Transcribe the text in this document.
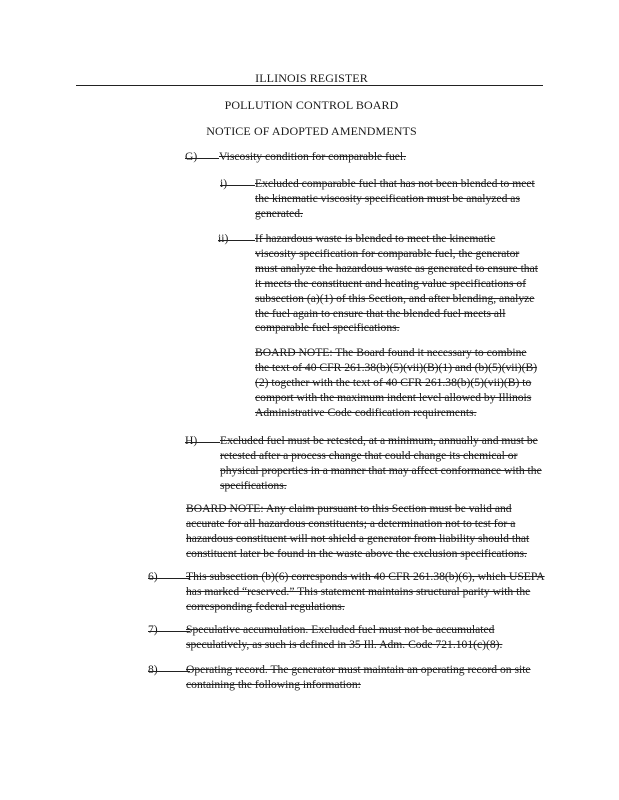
ILLINOIS REGISTER
POLLUTION CONTROL BOARD
NOTICE OF ADOPTED AMENDMENTS
G) Viscosity condition for comparable fuel.
i) Excluded comparable fuel that has not been blended to meet the kinematic viscosity specification must be analyzed as generated.
ii) If hazardous waste is blended to meet the kinematic viscosity specification for comparable fuel, the generator must analyze the hazardous waste as generated to ensure that it meets the constituent and heating value specifications of subsection (a)(1) of this Section, and after blending, analyze the fuel again to ensure that the blended fuel meets all comparable fuel specifications.
BOARD NOTE: The Board found it necessary to combine the text of 40 CFR 261.38(b)(5)(vii)(B)(1) and (b)(5)(vii)(B)(2) together with the text of 40 CFR 261.38(b)(5)(vii)(B) to comport with the maximum indent level allowed by Illinois Administrative Code codification requirements.
H) Excluded fuel must be retested, at a minimum, annually and must be retested after a process change that could change its chemical or physical properties in a manner that may affect conformance with the specifications.
BOARD NOTE: Any claim pursuant to this Section must be valid and accurate for all hazardous constituents; a determination not to test for a hazardous constituent will not shield a generator from liability should that constituent later be found in the waste above the exclusion specifications.
6) This subsection (b)(6) corresponds with 40 CFR 261.38(b)(6), which USEPA has marked “reserved.” This statement maintains structural parity with the corresponding federal regulations.
7) Speculative accumulation. Excluded fuel must not be accumulated speculatively, as such is defined in 35 Ill. Adm. Code 721.101(c)(8).
8) Operating record. The generator must maintain an operating record on site containing the following information:
